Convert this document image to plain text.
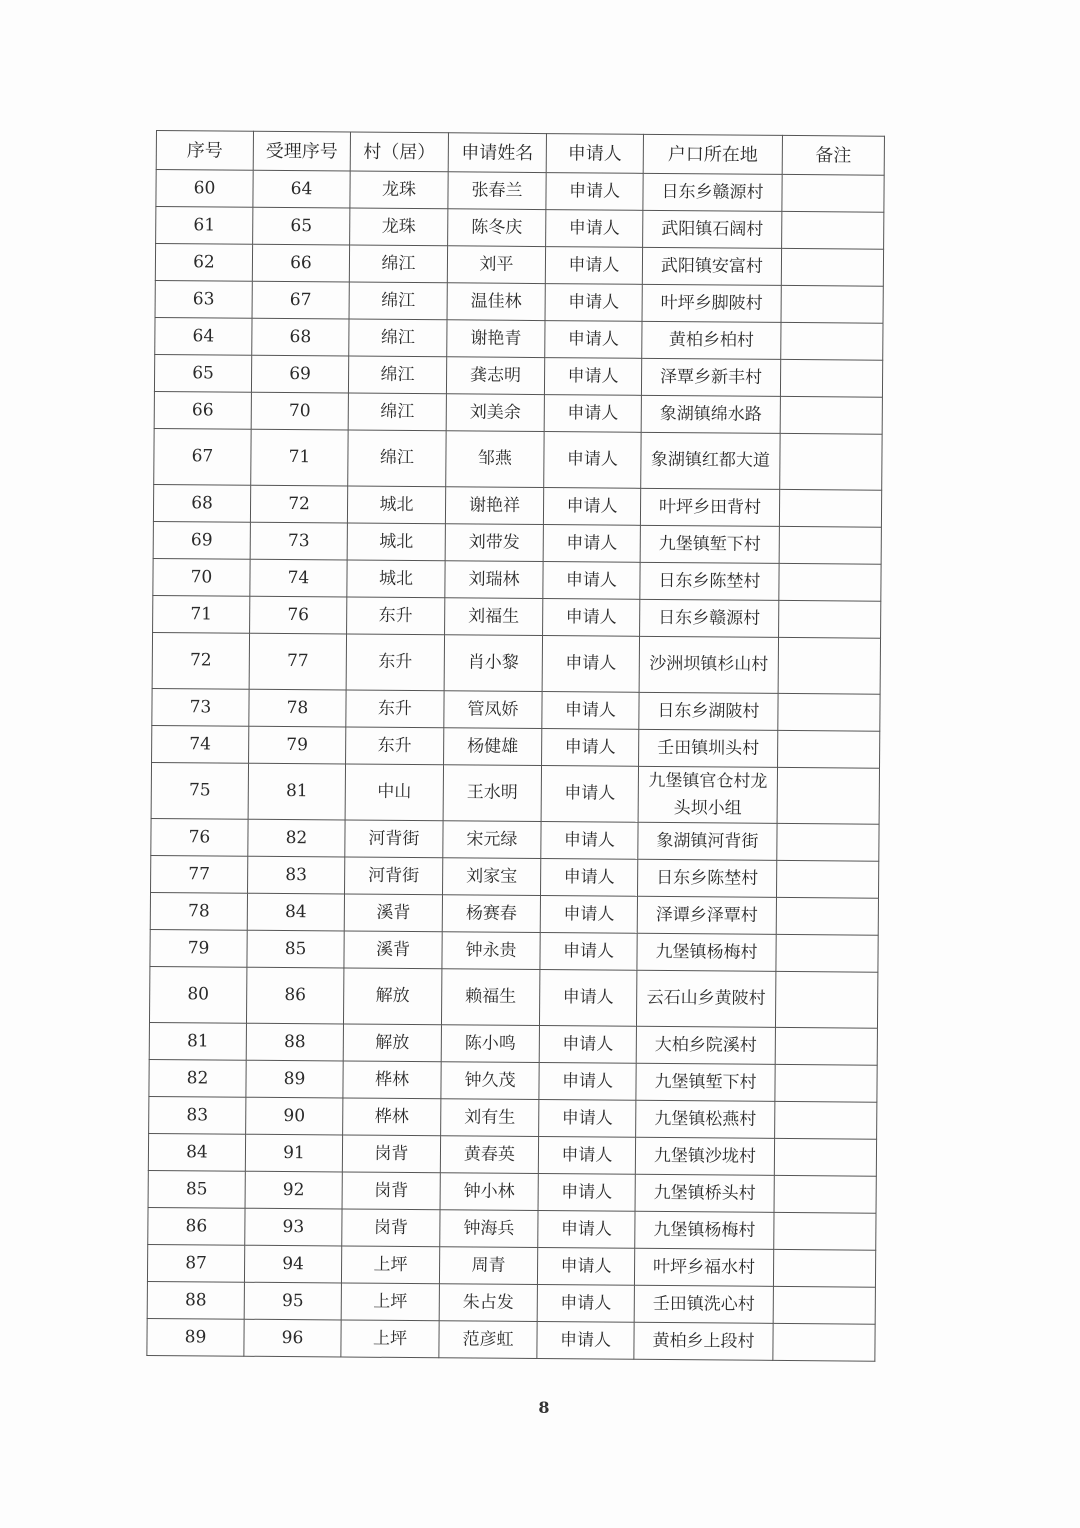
序号	受理序号	村（居）	申请姓名	申请人	户口所在地	备注
60	64	龙珠	张春兰	申请人	日东乡赣源村	
61	65	龙珠	陈冬庆	申请人	武阳镇石阔村	
62	66	绵江	刘平	申请人	武阳镇安富村	
63	67	绵江	温佳林	申请人	叶坪乡脚陂村	
64	68	绵江	谢艳青	申请人	黄柏乡柏村	
65	69	绵江	龚志明	申请人	泽覃乡新丰村	
66	70	绵江	刘美余	申请人	象湖镇绵水路	
67	71	绵江	邹燕	申请人	象湖镇红都大道	
68	72	城北	谢艳祥	申请人	叶坪乡田背村	
69	73	城北	刘带发	申请人	九堡镇堑下村	
70	74	城北	刘瑞林	申请人	日东乡陈埜村	
71	76	东升	刘福生	申请人	日东乡赣源村	
72	77	东升	肖小黎	申请人	沙洲坝镇杉山村	
73	78	东升	管凤娇	申请人	日东乡湖陂村	
74	79	东升	杨健雄	申请人	壬田镇圳头村	
75	81	中山	王水明	申请人	九堡镇官仓村龙头坝小组	
76	82	河背街	宋元绿	申请人	象湖镇河背街	
77	83	河背街	刘家宝	申请人	日东乡陈埜村	
78	84	溪背	杨赛春	申请人	泽谭乡泽覃村	
79	85	溪背	钟永贵	申请人	九堡镇杨梅村	
80	86	解放	赖福生	申请人	云石山乡黄陂村	
81	88	解放	陈小鸣	申请人	大柏乡院溪村	
82	89	桦林	钟久茂	申请人	九堡镇堑下村	
83	90	桦林	刘有生	申请人	九堡镇松燕村	
84	91	岗背	黄春英	申请人	九堡镇沙垅村	
85	92	岗背	钟小林	申请人	九堡镇桥头村	
86	93	岗背	钟海兵	申请人	九堡镇杨梅村	
87	94	上坪	周青	申请人	叶坪乡福水村	
88	95	上坪	朱占发	申请人	壬田镇洗心村	
89	96	上坪	范彦虹	申请人	黄柏乡上段村	
8
